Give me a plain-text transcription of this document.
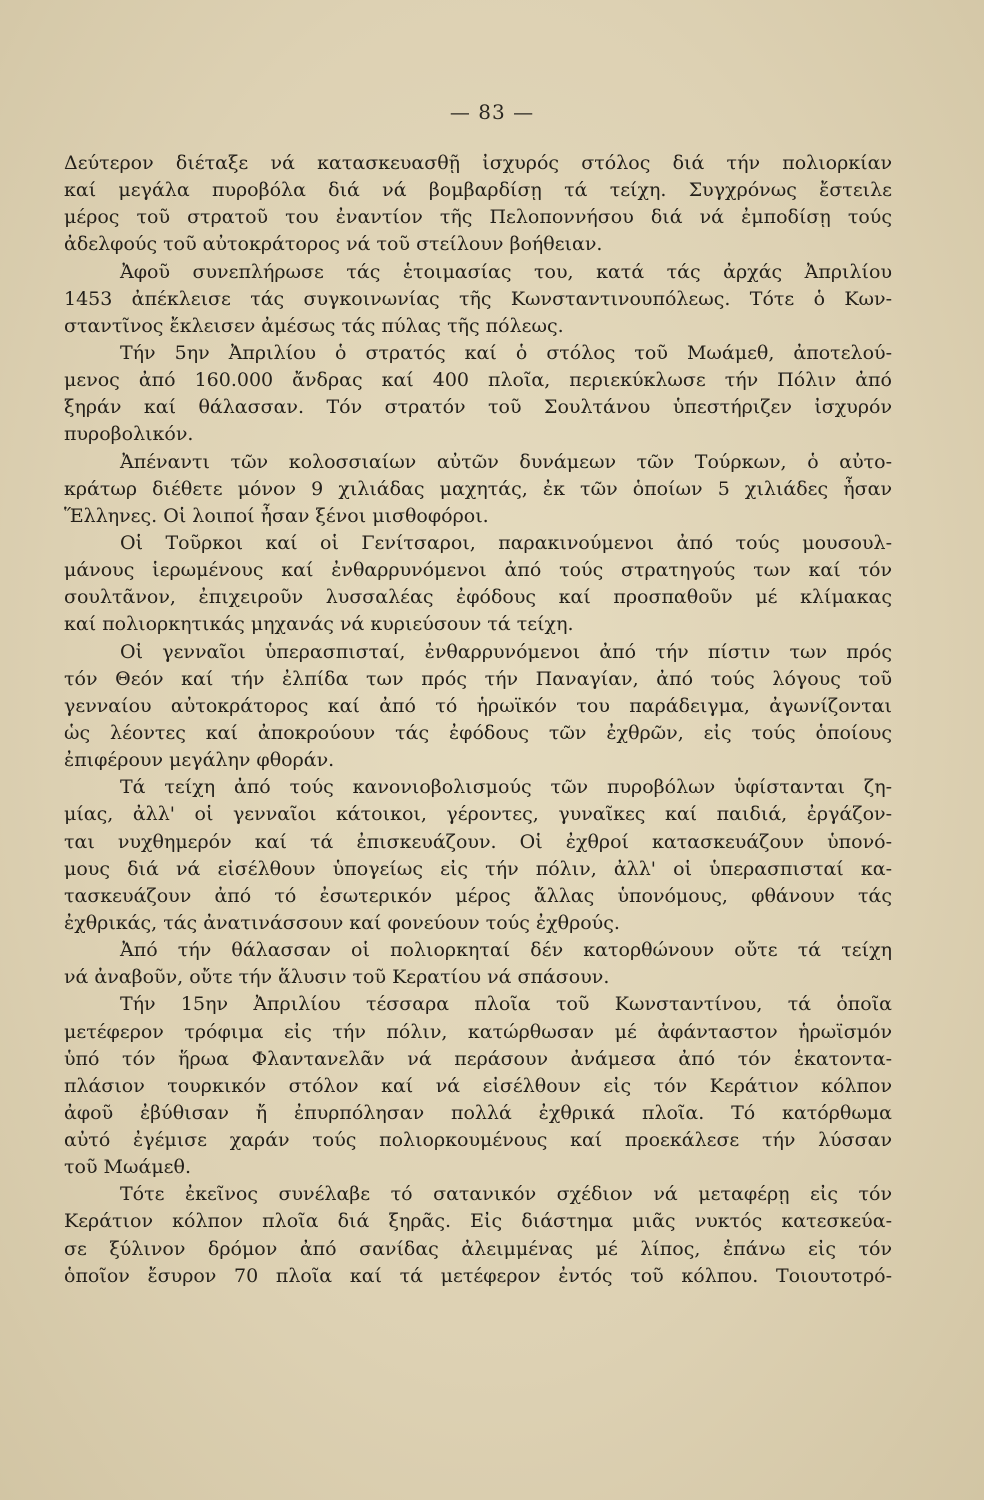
— 83 —
Δεύτερον διέταξε νά κατασκευασθῇ ἰσχυρός στόλος διά τήν πολιορκίαν
καί μεγάλα πυροβόλα διά νά βομβαρδίσῃ τά τείχη. Συγχρόνως ἔστειλε
μέρος τοῦ στρατοῦ του ἐναντίον τῆς Πελοποννήσου διά νά ἐμποδίσῃ τούς
ἀδελφούς τοῦ αὐτοκράτορος νά τοῦ στείλουν βοήθειαν.
Ἀφοῦ συνεπλήρωσε τάς ἑτοιμασίας του, κατά τάς ἀρχάς Ἀπριλίου
1453 ἀπέκλεισε τάς συγκοινωνίας τῆς Κωνσταντινουπόλεως. Τότε ὁ Κων-
σταντῖνος ἔκλεισεν ἀμέσως τάς πύλας τῆς πόλεως.
Τήν 5ην Ἀπριλίου ὁ στρατός καί ὁ στόλος τοῦ Μωάμεθ, ἀποτελού-
μενος ἀπό 160.000 ἄνδρας καί 400 πλοῖα, περιεκύκλωσε τήν Πόλιν ἀπό
ξηράν καί θάλασσαν. Τόν στρατόν τοῦ Σουλτάνου ὑπεστήριζεν ἰσχυρόν
πυροβολικόν.
Ἀπέναντι τῶν κολοσσιαίων αὐτῶν δυνάμεων τῶν Τούρκων, ὁ αὐτο-
κράτωρ διέθετε μόνον 9 χιλιάδας μαχητάς, ἐκ τῶν ὁποίων 5 χιλιάδες ἦσαν
Ἕλληνες. Οἱ λοιποί ἦσαν ξένοι μισθοφόροι.
Οἱ Τοῦρκοι καί οἱ Γενίτσαροι, παρακινούμενοι ἀπό τούς μουσουλ-
μάνους ἱερωμένους καί ἐνθαρρυνόμενοι ἀπό τούς στρατηγούς των καί τόν
σουλτᾶνον, ἐπιχειροῦν λυσσαλέας ἐφόδους καί προσπαθοῦν μέ κλίμακας
καί πολιορκητικάς μηχανάς νά κυριεύσουν τά τείχη.
Οἱ γενναῖοι ὑπερασπισταί, ἐνθαρρυνόμενοι ἀπό τήν πίστιν των πρός
τόν Θεόν καί τήν ἐλπίδα των πρός τήν Παναγίαν, ἀπό τούς λόγους τοῦ
γενναίου αὐτοκράτορος καί ἀπό τό ἡρωϊκόν του παράδειγμα, ἀγωνίζονται
ὡς λέοντες καί ἀποκρούουν τάς ἐφόδους τῶν ἐχθρῶν, εἰς τούς ὁποίους
ἐπιφέρουν μεγάλην φθοράν.
Τά τείχη ἀπό τούς κανονιοβολισμούς τῶν πυροβόλων ὑφίστανται ζη-
μίας, ἀλλ' οἱ γενναῖοι κάτοικοι, γέροντες, γυναῖκες καί παιδιά, ἐργάζον-
ται νυχθημερόν καί τά ἐπισκευάζουν. Οἱ ἐχθροί κατασκευάζουν ὑπονό-
μους διά νά εἰσέλθουν ὑπογείως εἰς τήν πόλιν, ἀλλ' οἱ ὑπερασπισταί κα-
τασκευάζουν ἀπό τό ἐσωτερικόν μέρος ἄλλας ὑπονόμους, φθάνουν τάς
ἐχθρικάς, τάς ἀνατινάσσουν καί φονεύουν τούς ἐχθρούς.
Ἀπό τήν θάλασσαν οἱ πολιορκηταί δέν κατορθώνουν οὔτε τά τείχη
νά ἀναβοῦν, οὔτε τήν ἅλυσιν τοῦ Κερατίου νά σπάσουν.
Τήν 15ην Ἀπριλίου τέσσαρα πλοῖα τοῦ Κωνσταντίνου, τά ὁποῖα
μετέφερον τρόφιμα εἰς τήν πόλιν, κατώρθωσαν μέ ἀφάνταστον ἡρωϊσμόν
ὑπό τόν ἥρωα Φλαντανελᾶν νά περάσουν ἀνάμεσα ἀπό τόν ἑκατοντα-
πλάσιον τουρκικόν στόλον καί νά εἰσέλθουν εἰς τόν Κεράτιον κόλπον
ἀφοῦ ἐβύθισαν ἤ ἐπυρπόλησαν πολλά ἐχθρικά πλοῖα. Τό κατόρθωμα
αὐτό ἐγέμισε χαράν τούς πολιορκουμένους καί προεκάλεσε τήν λύσσαν
τοῦ Μωάμεθ.
Τότε ἐκεῖνος συνέλαβε τό σατανικόν σχέδιον νά μεταφέρῃ εἰς τόν
Κεράτιον κόλπον πλοῖα διά ξηρᾶς. Εἰς διάστημα μιᾶς νυκτός κατεσκεύα-
σε ξύλινον δρόμον ἀπό σανίδας ἀλειμμένας μέ λίπος, ἐπάνω εἰς τόν
ὁποῖον ἔσυρον 70 πλοῖα καί τά μετέφερον ἐντός τοῦ κόλπου. Τοιουτοτρό-
